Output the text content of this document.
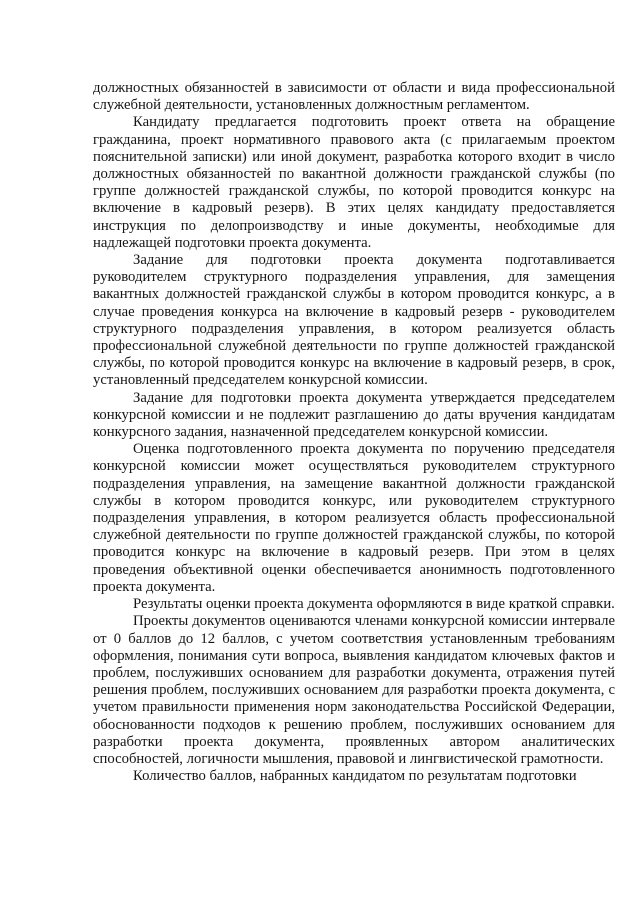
должностных обязанностей в зависимости от области и вида профессиональной служебной деятельности, установленных должностным регламентом.

Кандидату предлагается подготовить проект ответа на обращение гражданина, проект нормативного правового акта (с прилагаемым проектом пояснительной записки) или иной документ, разработка которого входит в число должностных обязанностей по вакантной должности гражданской службы (по группе должностей гражданской службы, по которой проводится конкурс на включение в кадровый резерв). В этих целях кандидату предоставляется инструкция по делопроизводству и иные документы, необходимые для надлежащей подготовки проекта документа.

Задание для подготовки проекта документа подготавливается руководителем структурного подразделения управления, для замещения вакантных должностей гражданской службы в котором проводится конкурс, а в случае проведения конкурса на включение в кадровый резерв - руководителем структурного подразделения управления, в котором реализуется область профессиональной служебной деятельности по группе должностей гражданской службы, по которой проводится конкурс на включение в кадровый резерв, в срок, установленный председателем конкурсной комиссии.

Задание для подготовки проекта документа утверждается председателем конкурсной комиссии и не подлежит разглашению до даты вручения кандидатам конкурсного задания, назначенной председателем конкурсной комиссии.

Оценка подготовленного проекта документа по поручению председателя конкурсной комиссии может осуществляться руководителем структурного подразделения управления, на замещение вакантной должности гражданской службы в котором проводится конкурс, или руководителем структурного подразделения управления, в котором реализуется область профессиональной служебной деятельности по группе должностей гражданской службы, по которой проводится конкурс на включение в кадровый резерв. При этом в целях проведения объективной оценки обеспечивается анонимность подготовленного проекта документа.

Результаты оценки проекта документа оформляются в виде краткой справки.

Проекты документов оцениваются членами конкурсной комиссии интервале от 0 баллов до 12 баллов, с учетом соответствия установленным требованиям оформления, понимания сути вопроса, выявления кандидатом ключевых фактов и проблем, послуживших основанием для разработки документа, отражения путей решения проблем, послуживших основанием для разработки проекта документа, с учетом правильности применения норм законодательства Российской Федерации, обоснованности подходов к решению проблем, послуживших основанием для разработки проекта документа, проявленных автором аналитических способностей, логичности мышления, правовой и лингвистической грамотности.

Количество баллов, набранных кандидатом по результатам подготовки
